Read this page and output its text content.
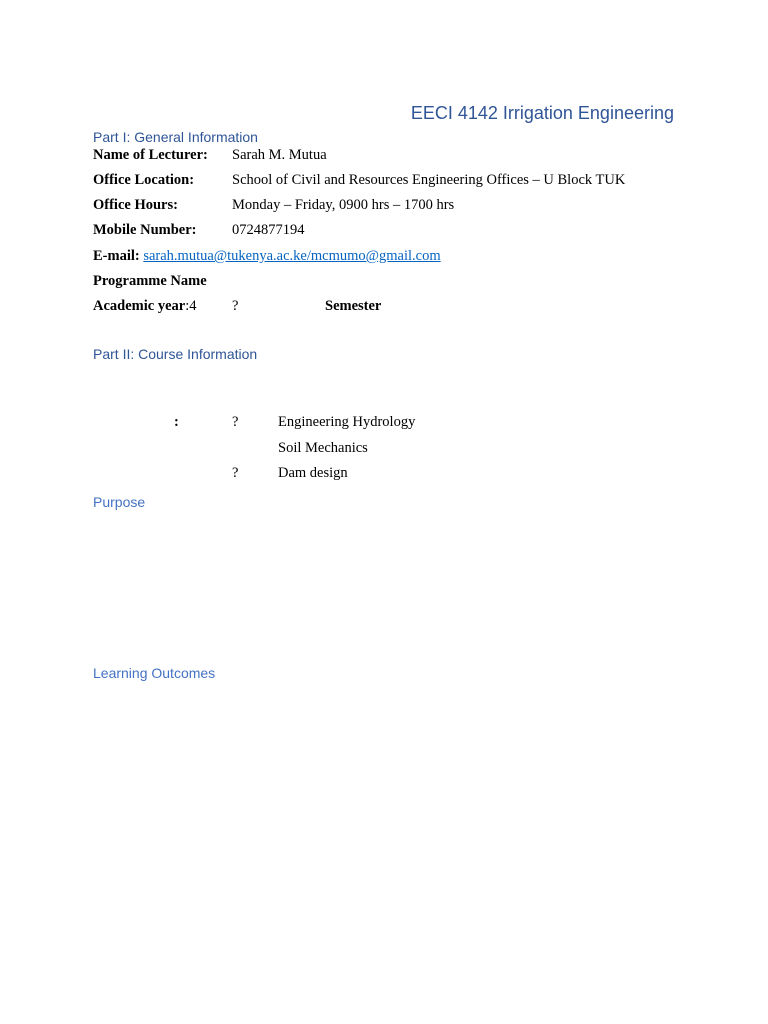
EECI 4142 Irrigation Engineering
Part I: General Information
Name of Lecturer: Sarah M. Mutua
Office Location:	School of Civil and Resources Engineering Offices – U Block TUK
Office Hours:	Monday – Friday, 0900 hrs – 1700 hrs
Mobile Number: 0724877194
E-mail: sarah.mutua@tukenya.ac.ke/mcmumo@gmail.com
Programme Name
Academic year:4 ?	Semester
Part II: Course Information
:	?	Engineering Hydrology
Soil Mechanics
?	Dam design
Purpose
Learning Outcomes
